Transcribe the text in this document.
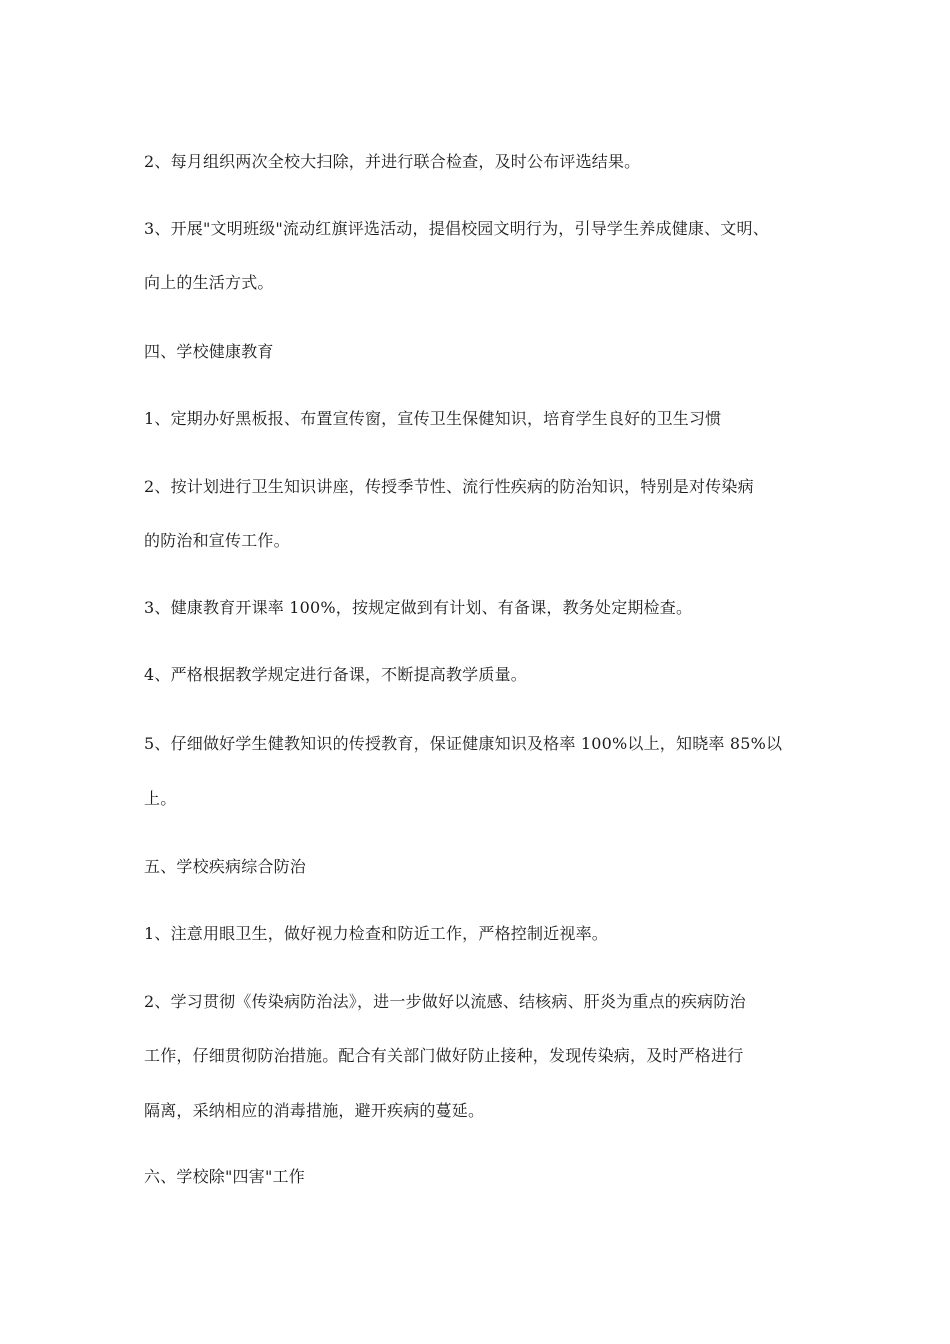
2、每月组织两次全校大扫除，并进行联合检查，及时公布评选结果。
3、开展"文明班级"流动红旗评选活动，提倡校园文明行为，引导学生养成健康、文明、
向上的生活方式。
四、学校健康教育
1、定期办好黑板报、布置宣传窗，宣传卫生保健知识，培育学生良好的卫生习惯
2、按计划进行卫生知识讲座，传授季节性、流行性疾病的防治知识，特别是对传染病
的防治和宣传工作。
3、健康教育开课率 100%，按规定做到有计划、有备课，教务处定期检查。
4、严格根据教学规定进行备课，不断提高教学质量。
5、仔细做好学生健教知识的传授教育，保证健康知识及格率 100%以上，知晓率 85%以
上。
五、学校疾病综合防治
1、注意用眼卫生，做好视力检查和防近工作，严格控制近视率。
2、学习贯彻《传染病防治法》，进一步做好以流感、结核病、肝炎为重点的疾病防治
工作，仔细贯彻防治措施。配合有关部门做好防止接种，发现传染病，及时严格进行
隔离，采纳相应的消毒措施，避开疾病的蔓延。
六、学校除"四害"工作
